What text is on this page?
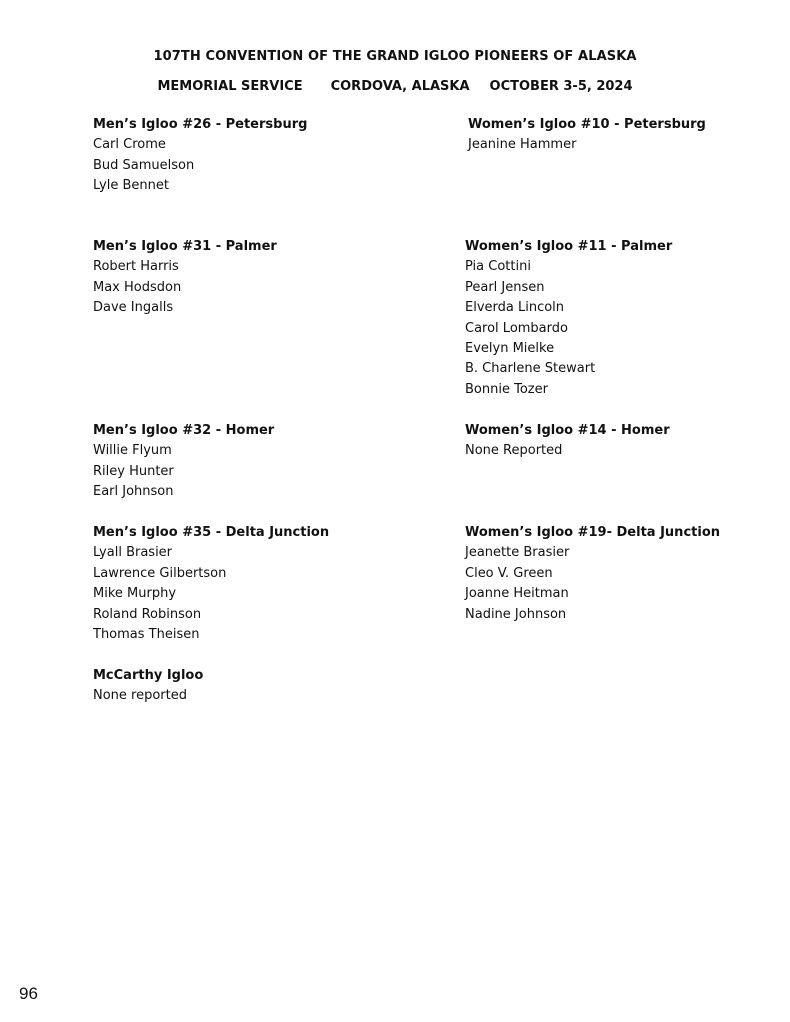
107TH CONVENTION OF THE GRAND IGLOO PIONEERS OF ALASKA
MEMORIAL SERVICE CORDOVA, ALASKA OCTOBER 3-5, 2024
Men’s Igloo #26 - Petersburg
Carl Crome
Bud Samuelson
Lyle Bennet
Women’s Igloo #10 - Petersburg
Jeanine Hammer
Men’s Igloo #31 - Palmer
Robert Harris
Max Hodsdon
Dave Ingalls
Women’s Igloo #11 - Palmer
Pia Cottini
Pearl Jensen
Elverda Lincoln
Carol Lombardo
Evelyn Mielke
B. Charlene Stewart
Bonnie Tozer
Men’s Igloo #32 - Homer
Willie Flyum
Riley Hunter
Earl Johnson
Women’s Igloo #14 - Homer
None Reported
Men’s Igloo #35 - Delta Junction
Lyall Brasier
Lawrence Gilbertson
Mike Murphy
Roland Robinson
Thomas Theisen
Women’s Igloo #19- Delta Junction
Jeanette Brasier
Cleo V. Green
Joanne Heitman
Nadine Johnson
McCarthy Igloo
None reported
96
